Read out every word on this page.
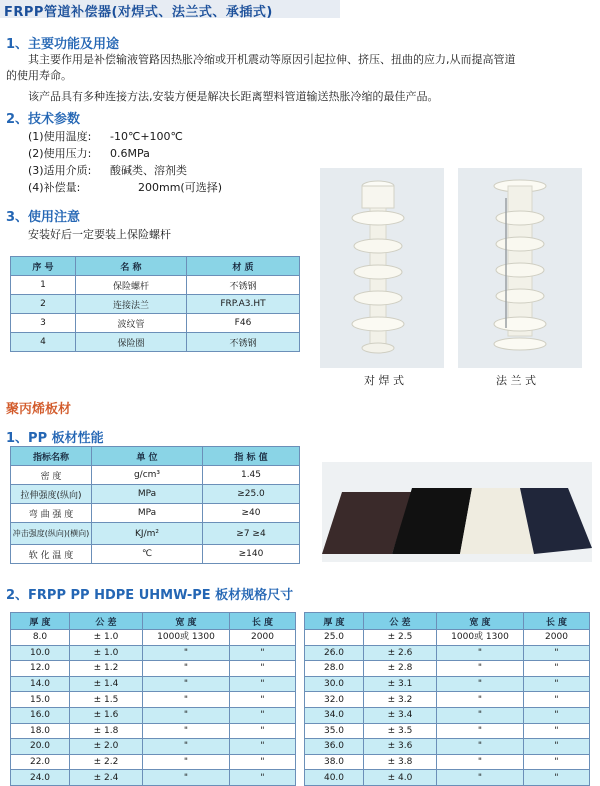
FRPP管道补偿器(对焊式、法兰式、承插式)
1、主要功能及用途
其主要作用是补偿输液管路因热胀冷缩或开机震动等原因引起拉伸、挤压、扭曲的应力,从而提高管道
的使用寿命。
该产品具有多种连接方法,安装方便是解决长距离塑料管道输送热胀冷缩的最佳产品。
2、技术参数
(1)使用温度: -10℃+100℃
(2)使用压力: 0.6MPa
(3)适用介质: 酸碱类、溶剂类
(4)补偿量:	200mm(可选择)
3、使用注意
安装好后一定要装上保险螺杆
序 号	名 称	材 质
1	保险螺杆	不锈钢
2	连接法兰	FRP.A3.HT
3	波纹管	F46
4	保险圈	不锈钢
对 焊 式	法 兰 式
聚丙烯板材
1、PP 板材性能
指标名称	单 位	指 标 值
密 度	g/cm³	1.45
拉伸强度(纵向)	MPa	≥25.0
弯 曲 强 度	MPa	≥40
冲击强度(纵向)(横向)	KJ/m²	≥7 ≥4
软 化 温 度	℃	≥140
2、FRPP PP HDPE UHMW-PE 板材规格尺寸
厚 度	公 差	宽 度	长 度
8.0	± 1.0	1000或 1300	2000
10.0	± 1.0	"	"
12.0	± 1.2	"	"
14.0	± 1.4	"	"
15.0	± 1.5	"	"
16.0	± 1.6	"	"
18.0	± 1.8	"	"
20.0	± 2.0	"	"
22.0	± 2.2	"	"
24.0	± 2.4	"	"
厚 度	公 差	宽 度	长 度
25.0	± 2.5	1000或 1300	2000
26.0	± 2.6	"	"
28.0	± 2.8	"	"
30.0	± 3.1	"	"
32.0	± 3.2	"	"
34.0	± 3.4	"	"
35.0	± 3.5	"	"
36.0	± 3.6	"	"
38.0	± 3.8	"	"
40.0	± 4.0	"	"
